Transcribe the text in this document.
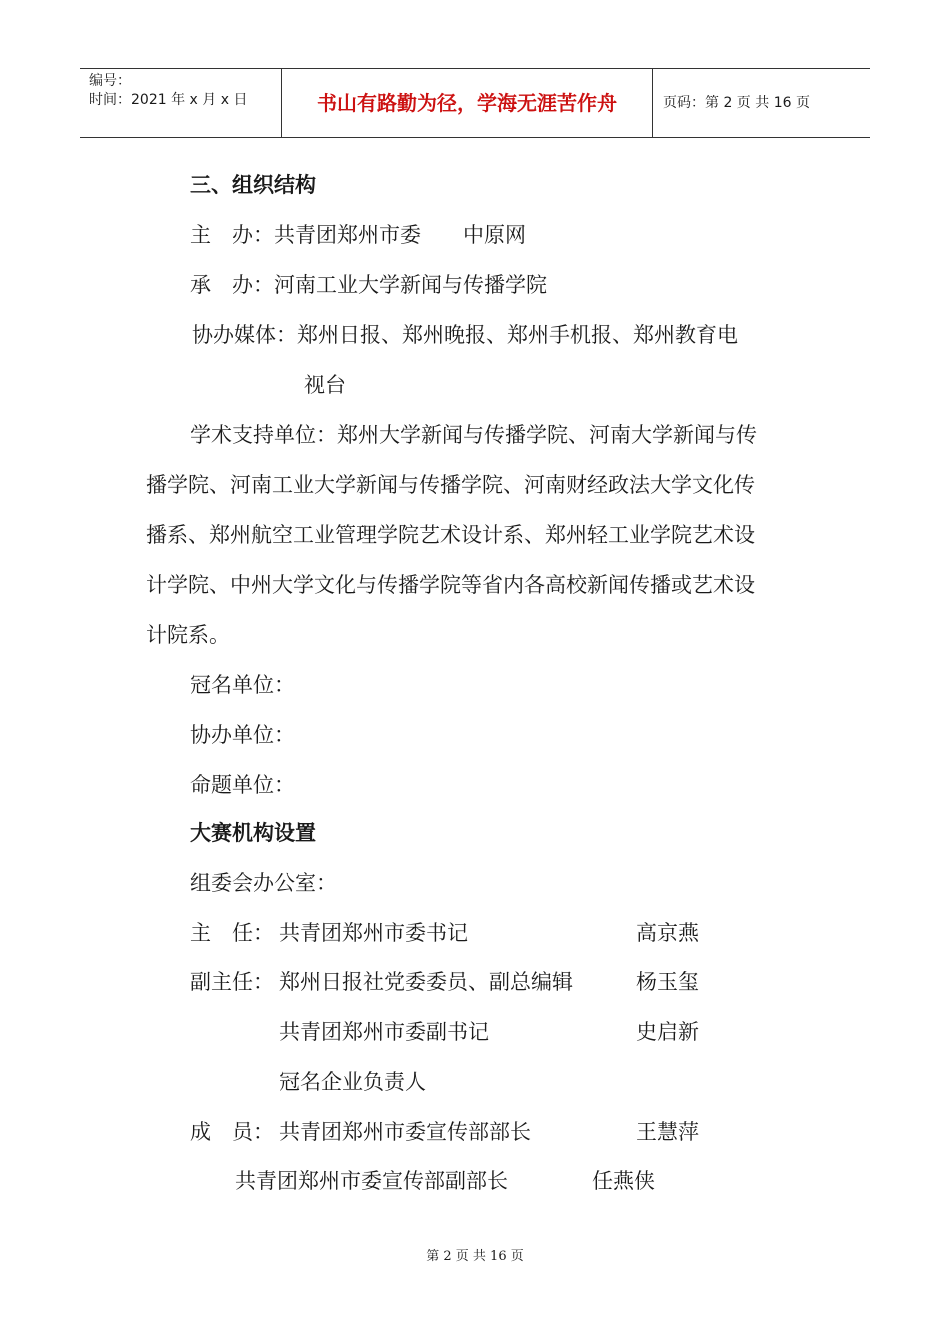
编号：
时间：2021 年 x 月 x 日	书山有路勤为径，学海无涯苦作舟	页码：第 2 页 共 16 页
三、组织结构
主　办：共青团郑州市委　　中原网
承　办：河南工业大学新闻与传播学院
协办媒体：郑州日报、郑州晚报、郑州手机报、郑州教育电
视台
学术支持单位：郑州大学新闻与传播学院、河南大学新闻与传
播学院、河南工业大学新闻与传播学院、河南财经政法大学文化传
播系、郑州航空工业管理学院艺术设计系、郑州轻工业学院艺术设
计学院、中州大学文化与传播学院等省内各高校新闻传播或艺术设
计院系。
冠名单位：
协办单位：
命题单位：
大赛机构设置
组委会办公室：
主　任： 共青团郑州市委书记	高京燕
副主任： 郑州日报社党委委员、副总编辑	杨玉玺
共青团郑州市委副书记	史启新
冠名企业负责人
成　员： 共青团郑州市委宣传部部长	王慧萍
共青团郑州市委宣传部副部长	任燕侠
第 2 页 共 16 页
